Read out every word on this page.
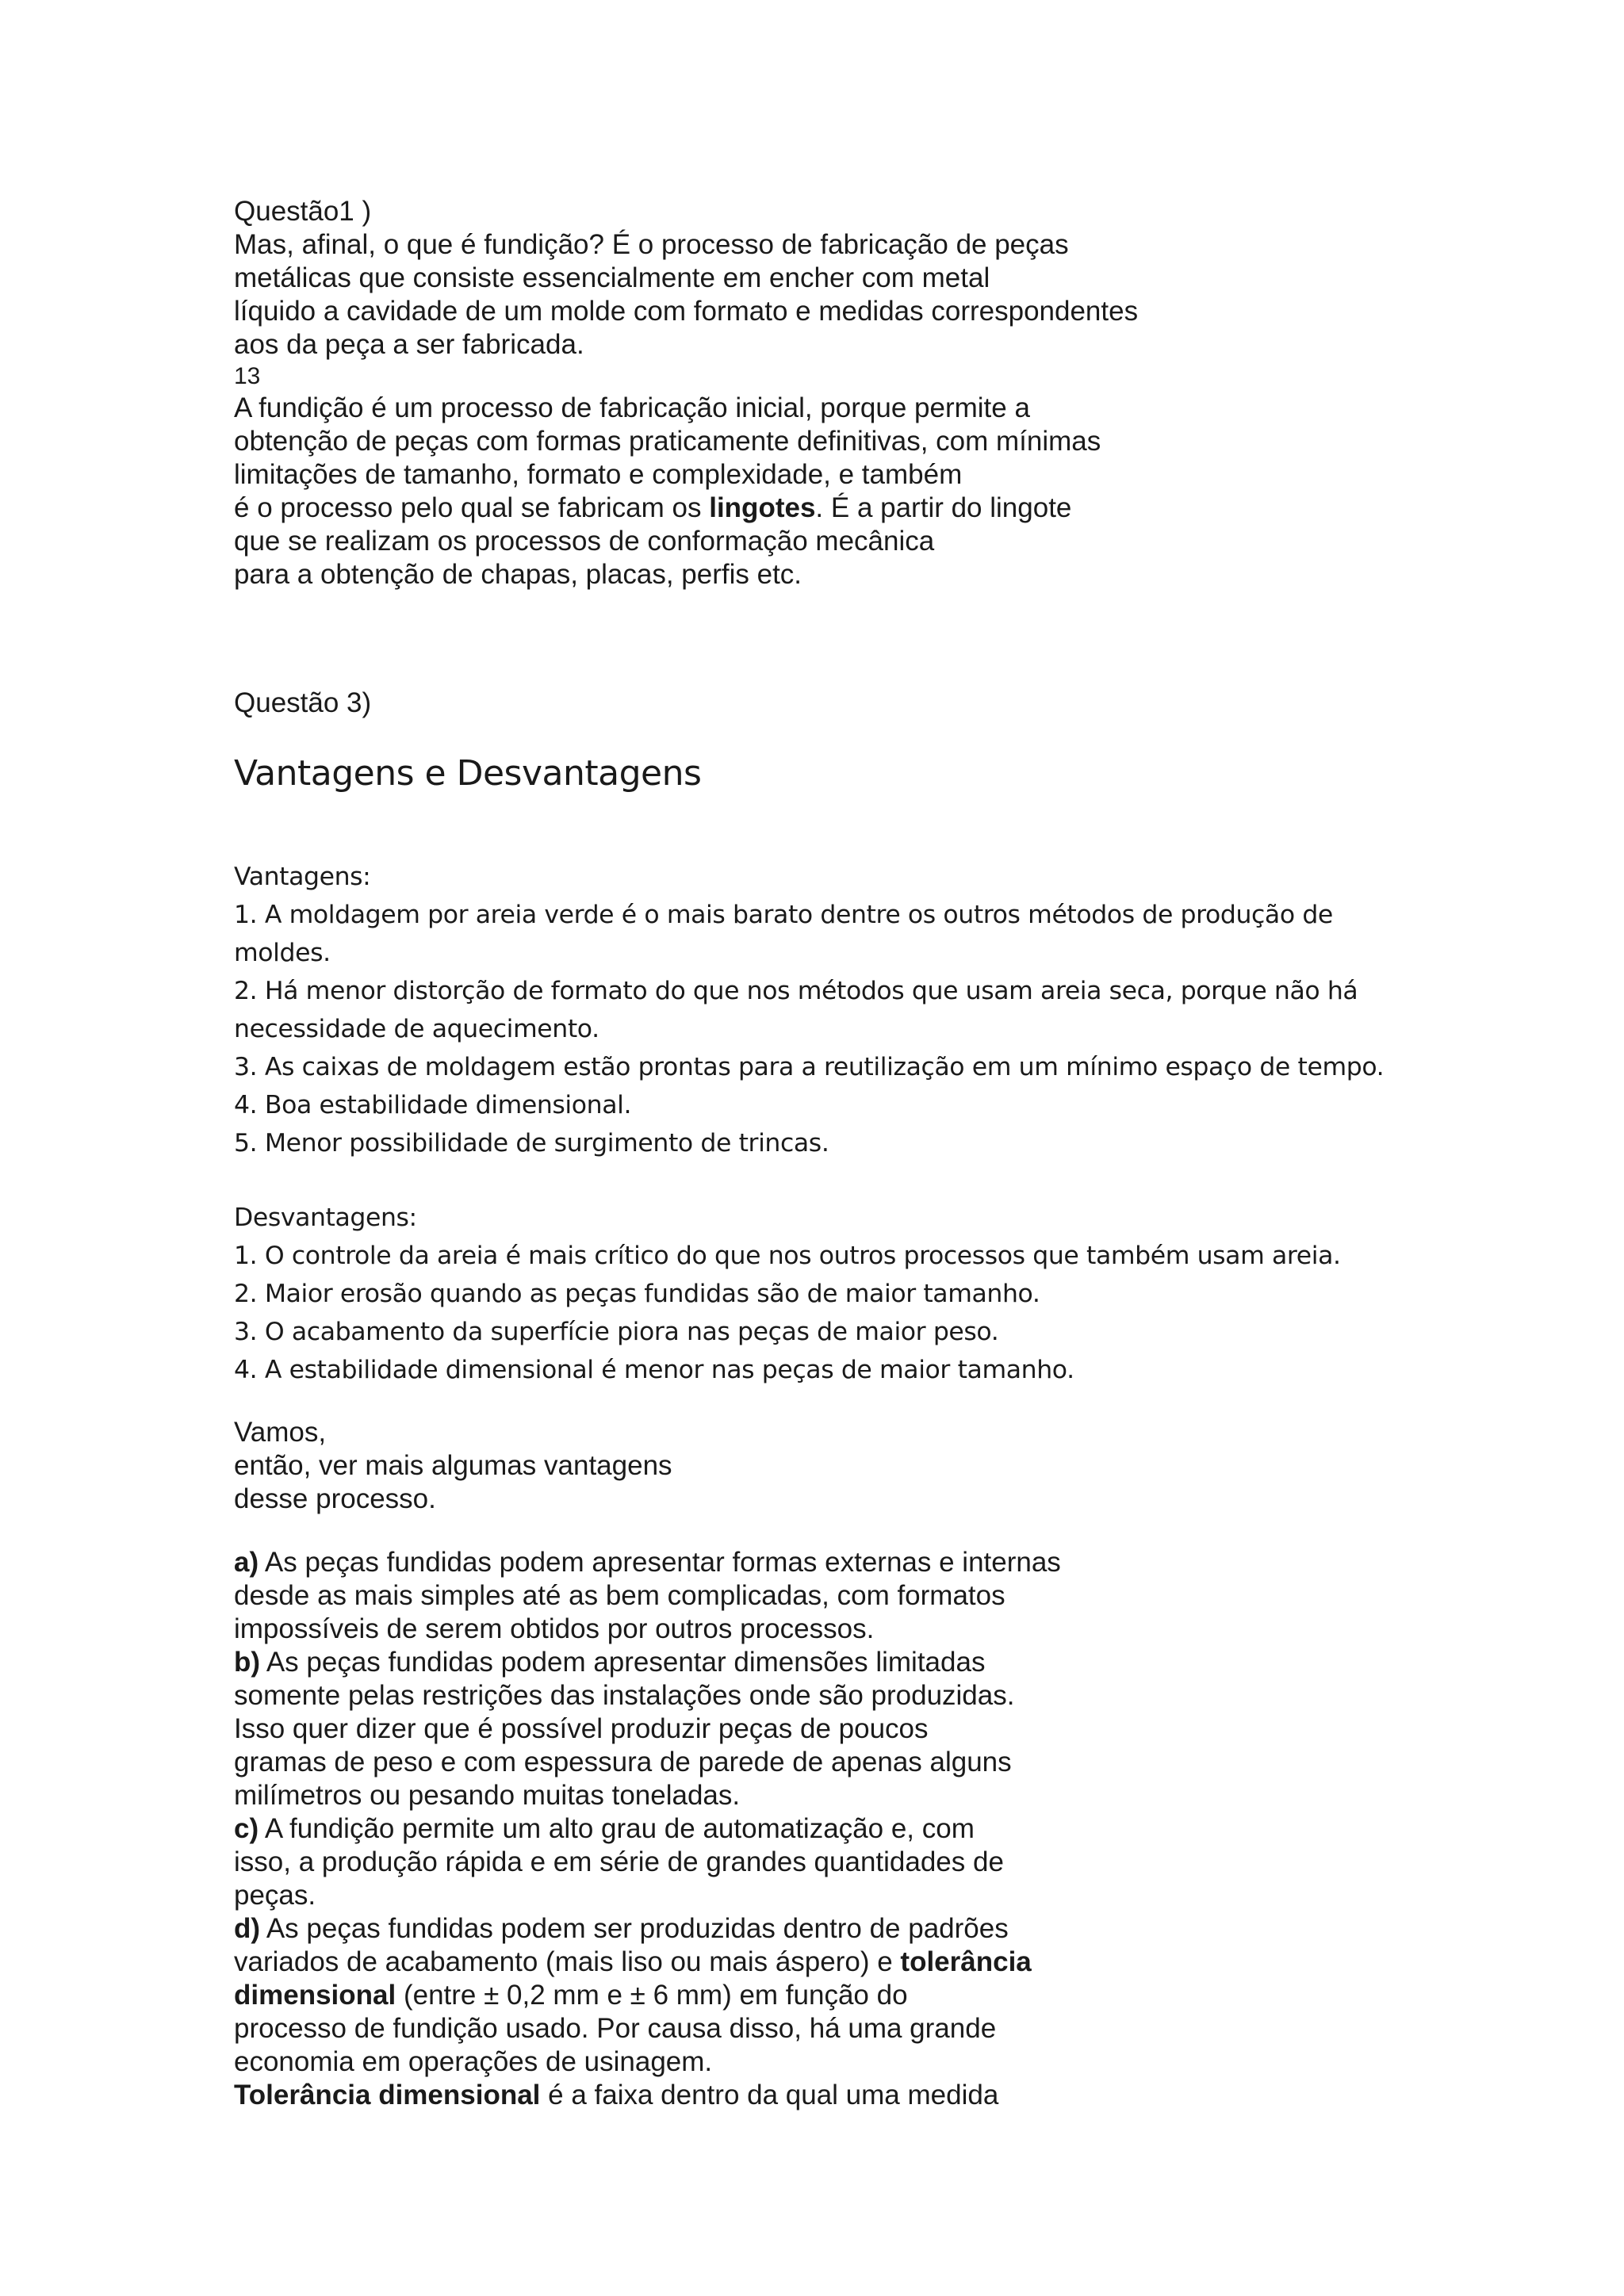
Questão1 )
Mas, afinal, o que é fundição? É o processo de fabricação de peças
metálicas que consiste essencialmente em encher com metal
líquido a cavidade de um molde com formato e medidas correspondentes
aos da peça a ser fabricada.
13
A fundição é um processo de fabricação inicial, porque permite a
obtenção de peças com formas praticamente definitivas, com mínimas
limitações de tamanho, formato e complexidade, e também
é o processo pelo qual se fabricam os lingotes. É a partir do lingote
que se realizam os processos de conformação mecânica
para a obtenção de chapas, placas, perfis etc.
Questão 3)
Vantagens e Desvantagens
Vantagens:
1. A moldagem por areia verde é o mais barato dentre os outros métodos de produção de
moldes.
2. Há menor distorção de formato do que nos métodos que usam areia seca, porque não há
necessidade de aquecimento.
3. As caixas de moldagem estão prontas para a reutilização em um mínimo espaço de tempo.
4. Boa estabilidade dimensional.
5. Menor possibilidade de surgimento de trincas.
Desvantagens:
1. O controle da areia é mais crítico do que nos outros processos que também usam areia.
2. Maior erosão quando as peças fundidas são de maior tamanho.
3. O acabamento da superfície piora nas peças de maior peso.
4. A estabilidade dimensional é menor nas peças de maior tamanho.
Vamos,
então, ver mais algumas vantagens
desse processo.
a) As peças fundidas podem apresentar formas externas e internas
desde as mais simples até as bem complicadas, com formatos
impossíveis de serem obtidos por outros processos.
b) As peças fundidas podem apresentar dimensões limitadas
somente pelas restrições das instalações onde são produzidas.
Isso quer dizer que é possível produzir peças de poucos
gramas de peso e com espessura de parede de apenas alguns
milímetros ou pesando muitas toneladas.
c) A fundição permite um alto grau de automatização e, com
isso, a produção rápida e em série de grandes quantidades de
peças.
d) As peças fundidas podem ser produzidas dentro de padrões
variados de acabamento (mais liso ou mais áspero) e tolerância
dimensional (entre ± 0,2 mm e ± 6 mm) em função do
processo de fundição usado. Por causa disso, há uma grande
economia em operações de usinagem.
Tolerância dimensional é a faixa dentro da qual uma medida
